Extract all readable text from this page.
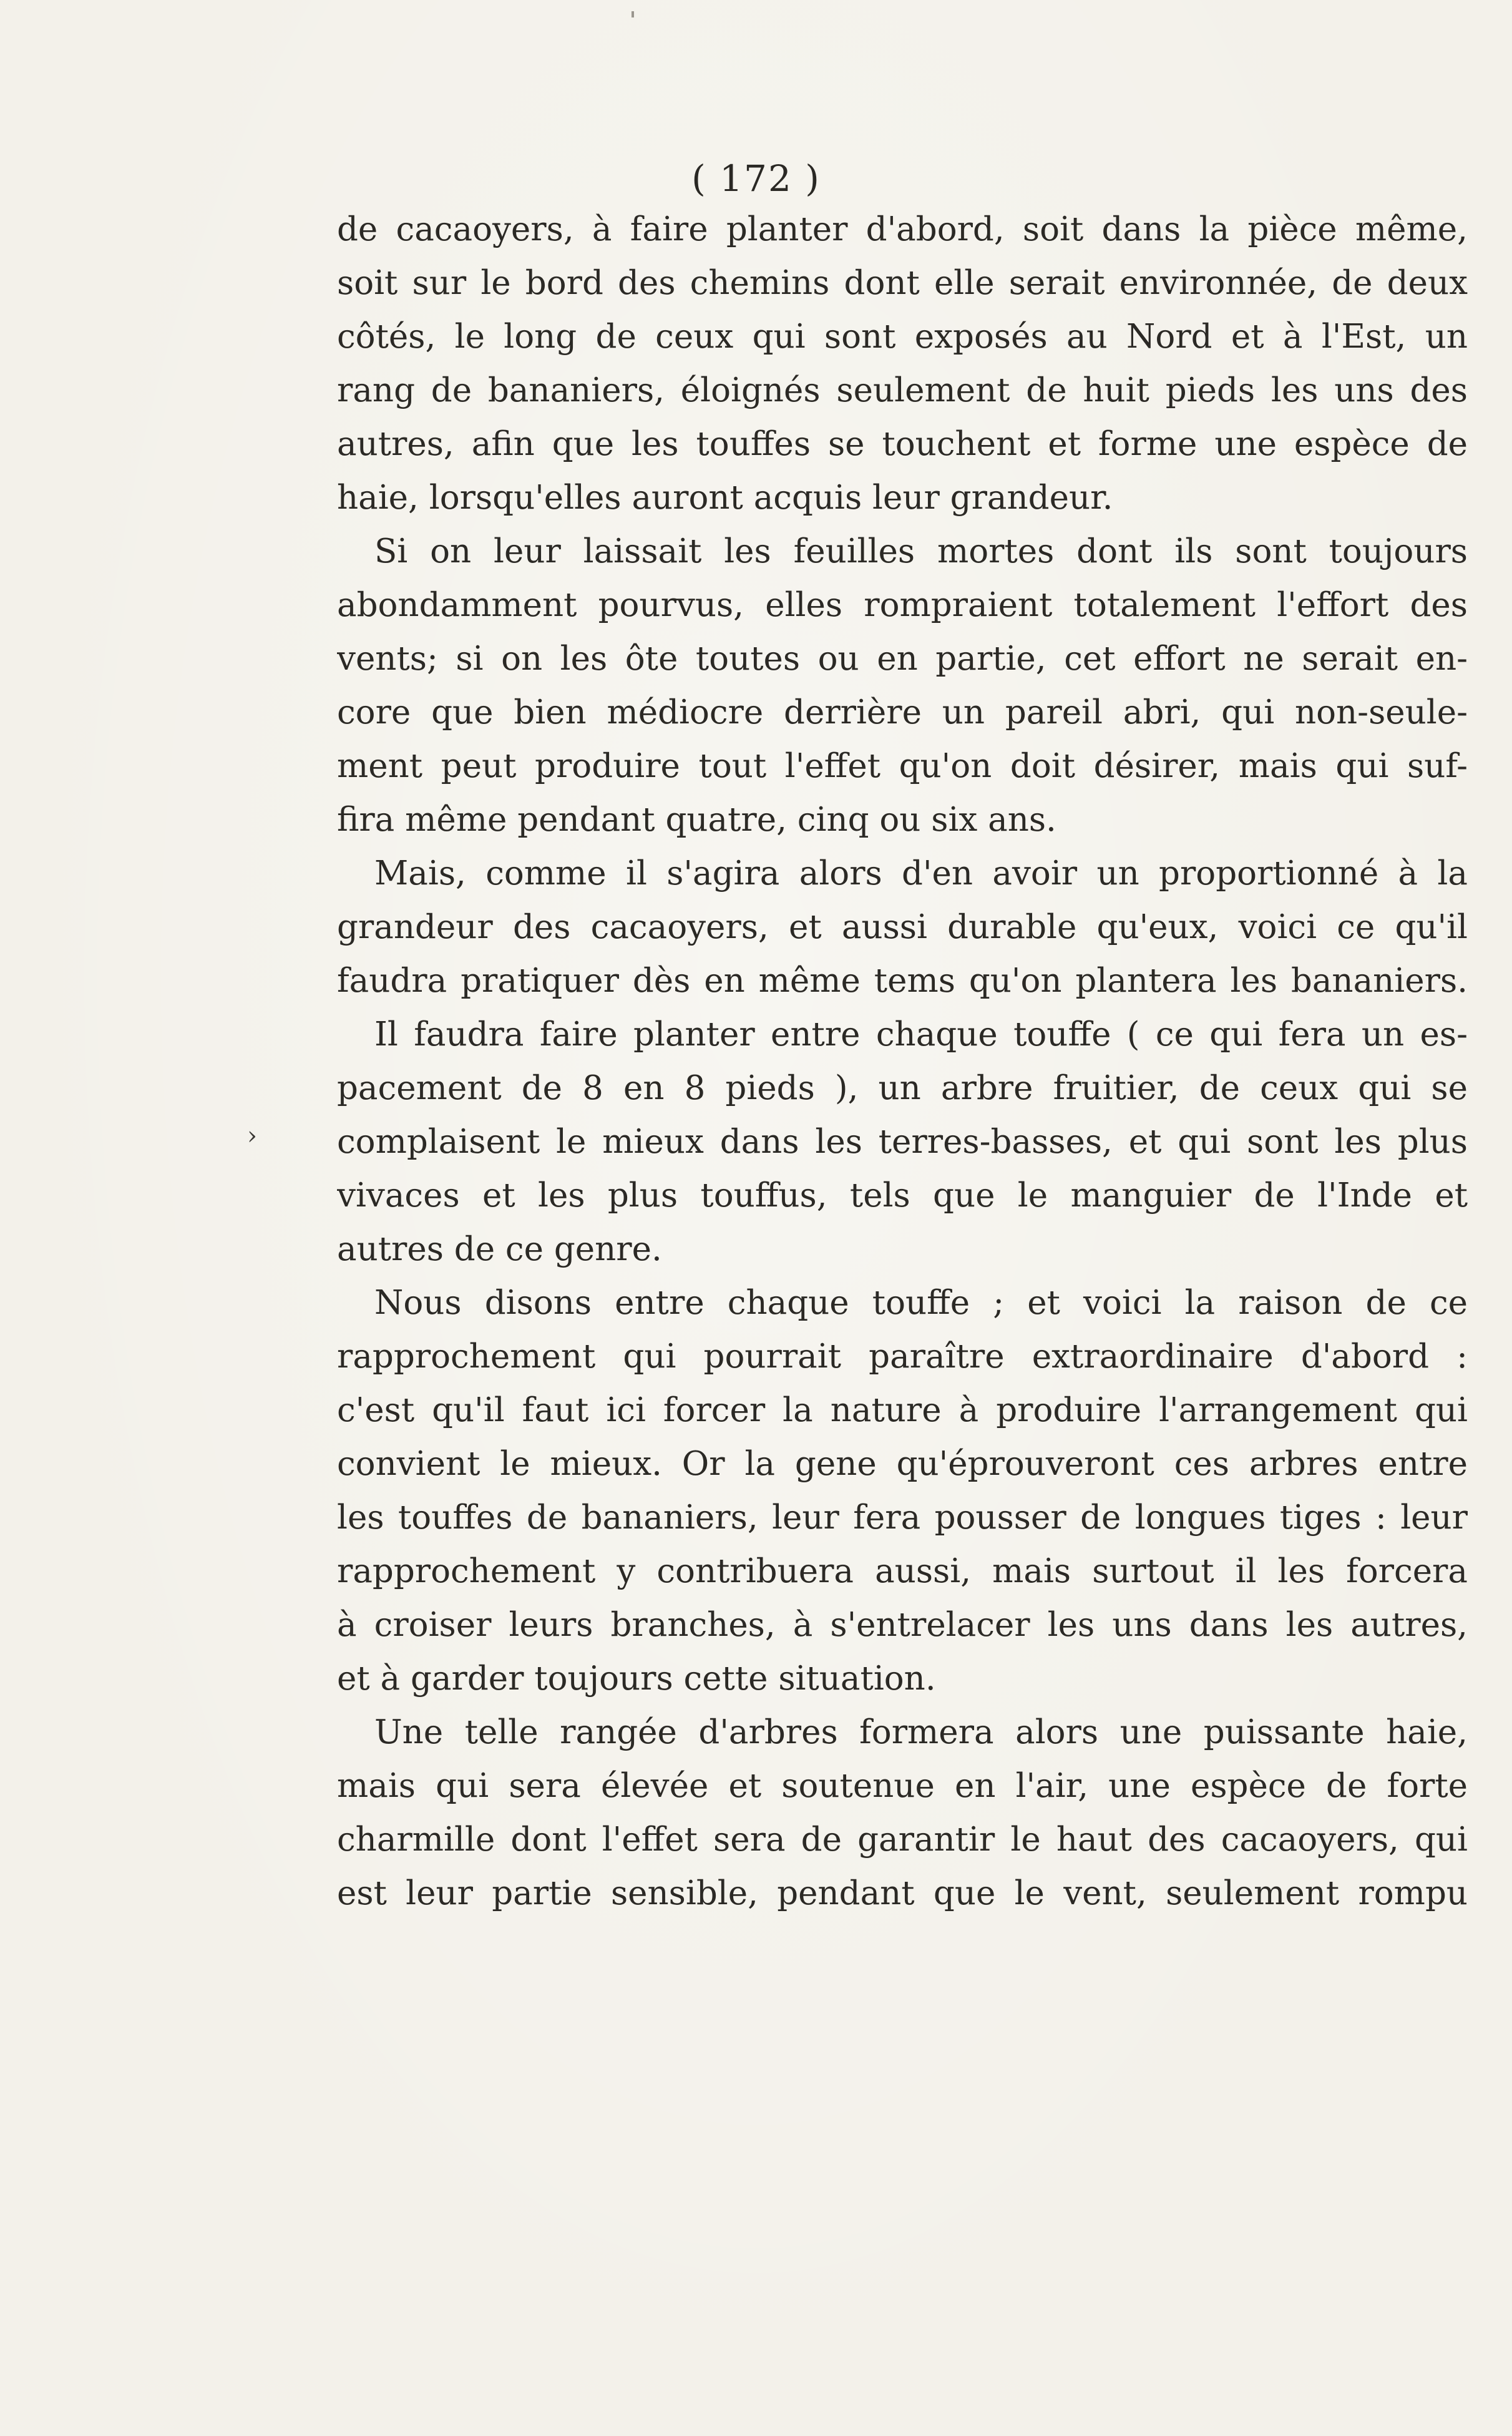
( 172 )
›
de cacaoyers, à faire planter d'abord, soit dans la pièce même,
soit sur le bord des chemins dont elle serait environnée, de deux
côtés, le long de ceux qui sont exposés au Nord et à l'Est, un
rang de bananiers, éloignés seulement de huit pieds les uns des
autres, afin que les touffes se touchent et forme une espèce de
haie, lorsqu'elles auront acquis leur grandeur.
Si on leur laissait les feuilles mortes dont ils sont toujours
abondamment pourvus, elles rompraient totalement l'effort des
vents; si on les ôte toutes ou en partie, cet effort ne serait en-
core que bien médiocre derrière un pareil abri, qui non-seule-
ment peut produire tout l'effet qu'on doit désirer, mais qui suf-
fira même pendant quatre, cinq ou six ans.
Mais, comme il s'agira alors d'en avoir un proportionné à la
grandeur des cacaoyers, et aussi durable qu'eux, voici ce qu'il
faudra pratiquer dès en même tems qu'on plantera les bananiers.
Il faudra faire planter entre chaque touffe ( ce qui fera un es-
pacement de 8 en 8 pieds ), un arbre fruitier, de ceux qui se
complaisent le mieux dans les terres-basses, et qui sont les plus
vivaces et les plus touffus, tels que le manguier de l'Inde et
autres de ce genre.
Nous disons entre chaque touffe ; et voici la raison de ce
rapprochement qui pourrait paraître extraordinaire d'abord :
c'est qu'il faut ici forcer la nature à produire l'arrangement qui
convient le mieux. Or la gene qu'éprouveront ces arbres entre
les touffes de bananiers, leur fera pousser de longues tiges : leur
rapprochement y contribuera aussi, mais surtout il les forcera
à croiser leurs branches, à s'entrelacer les uns dans les autres,
et à garder toujours cette situation.
Une telle rangée d'arbres formera alors une puissante haie,
mais qui sera élevée et soutenue en l'air, une espèce de forte
charmille dont l'effet sera de garantir le haut des cacaoyers, qui
est leur partie sensible, pendant que le vent, seulement rompu
